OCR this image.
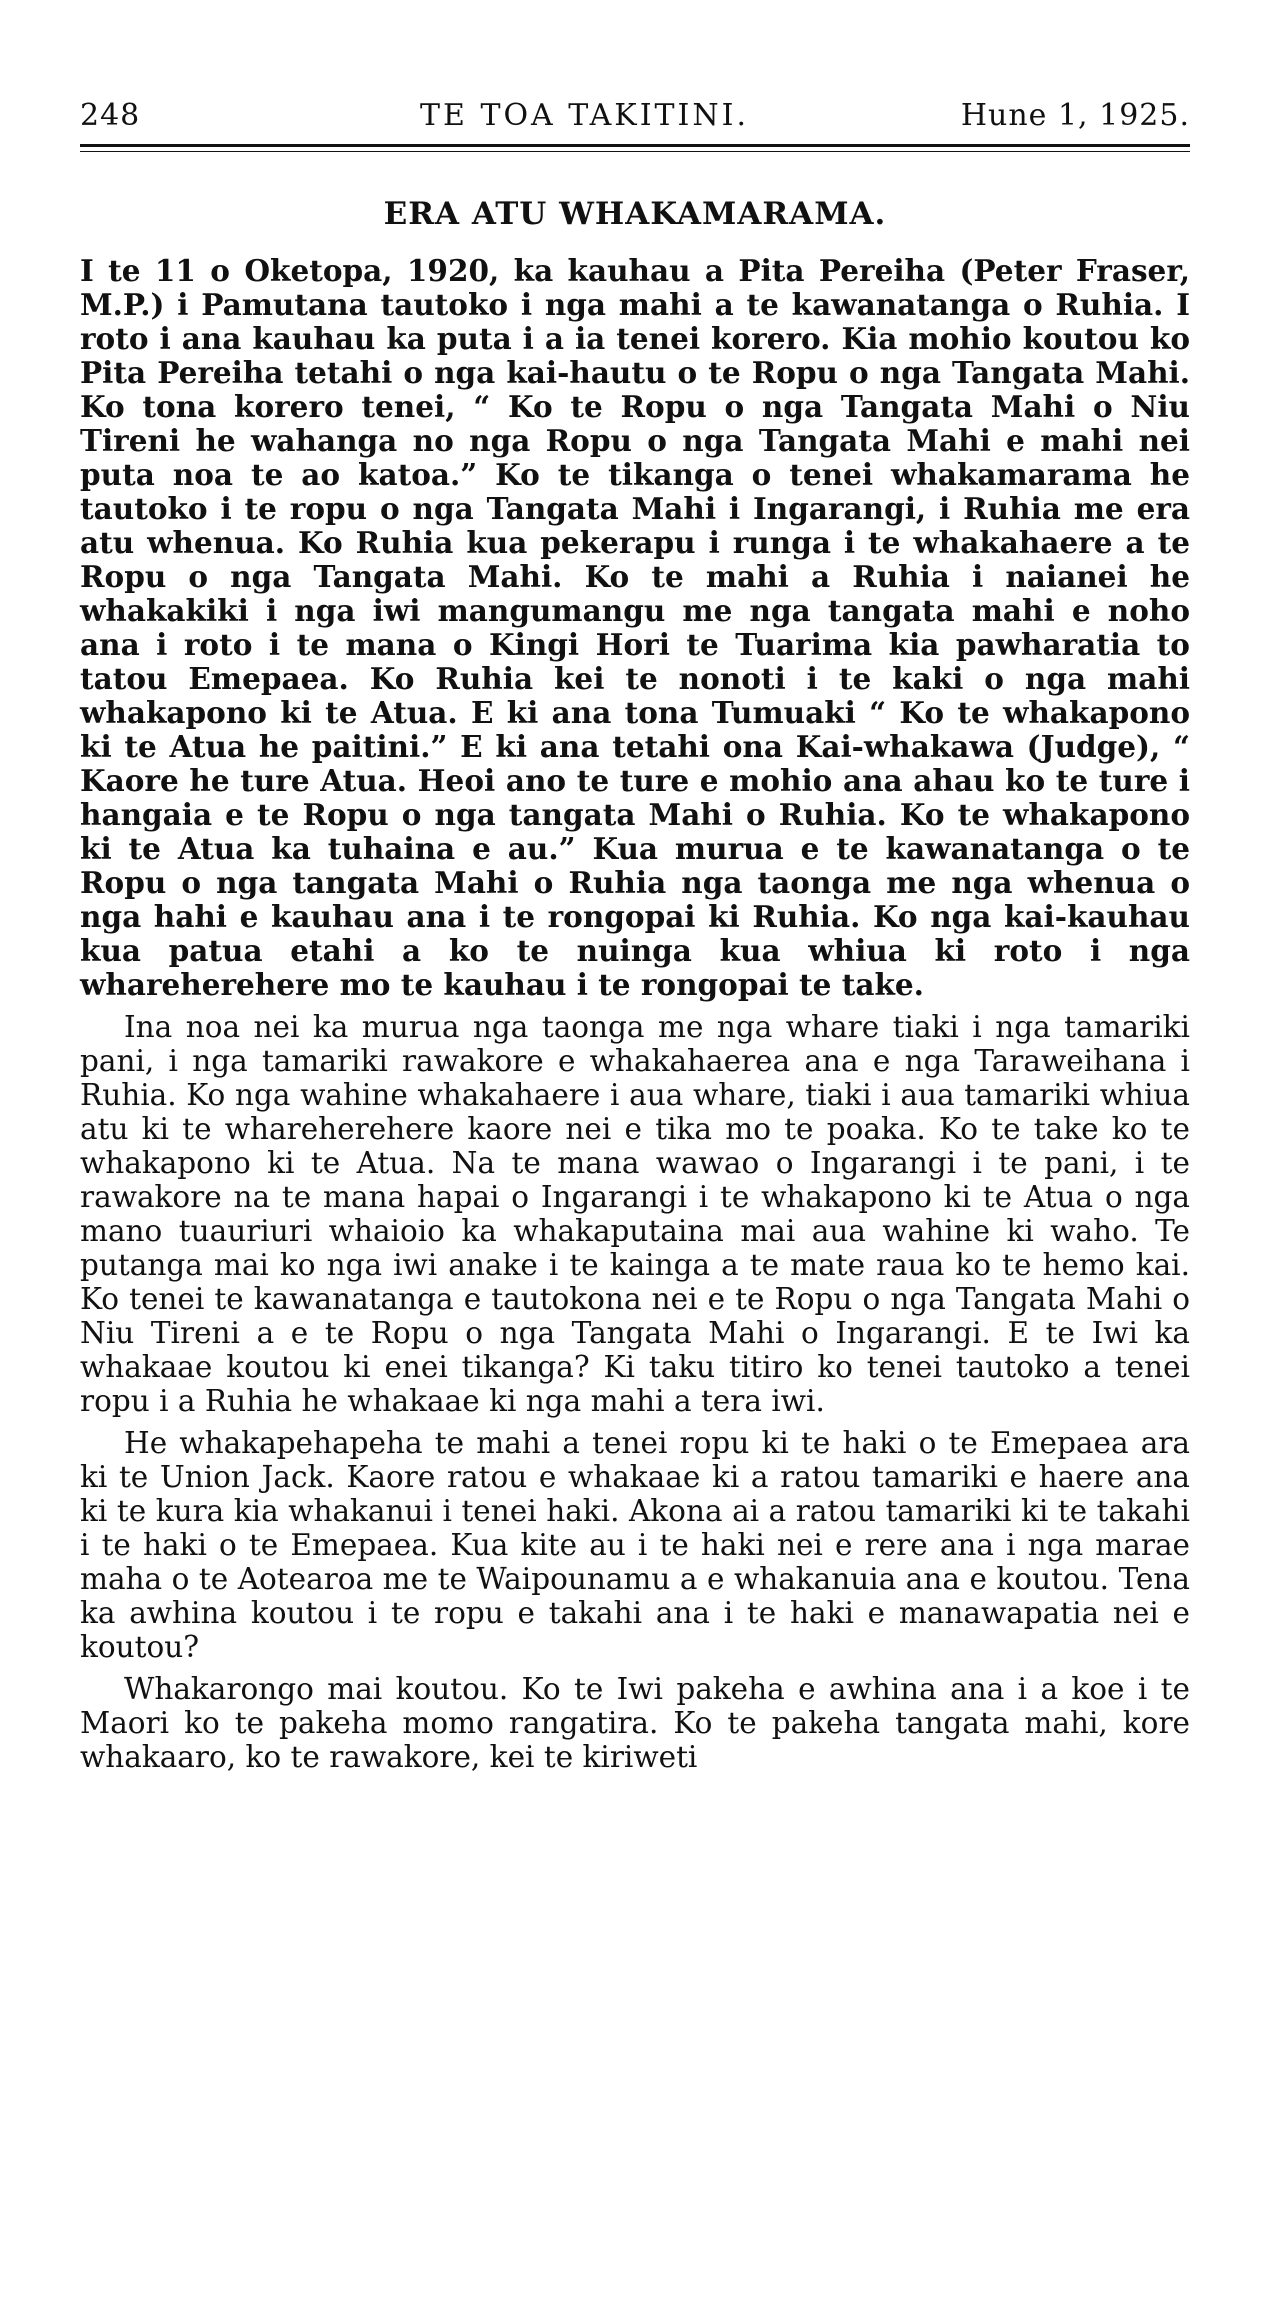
248	TE TOA TAKITINI.	Hune 1, 1925.
ERA ATU WHAKAMARAMA.

I te 11 o Oketopa, 1920, ka kauhau a Pita Pereiha (Peter Fraser, M.P.) i Pamutana tautoko i nga mahi a te kawanatanga o Ruhia. I roto i ana kauhau ka puta i a ia tenei korero. Kia mohio koutou ko Pita Pereiha tetahi o nga kai-hautu o te Ropu o nga Tangata Mahi. Ko tona korero tenei, “ Ko te Ropu o nga Tangata Mahi o Niu Tireni he wahanga no nga Ropu o nga Tangata Mahi e mahi nei puta noa te ao katoa.” Ko te tikanga o tenei whakamarama he tautoko i te ropu o nga Tangata Mahi i Ingarangi, i Ruhia me era atu whenua. Ko Ruhia kua pekerapu i runga i te whakahaere a te Ropu o nga Tangata Mahi. Ko te mahi a Ruhia i naianei he whakakiki i nga iwi mangumangu me nga tangata mahi e noho ana i roto i te mana o Kingi Hori te Tuarima kia pawharatia to tatou Emepaea. Ko Ruhia kei te nonoti i te kaki o nga mahi whakapono ki te Atua. E ki ana tona Tumuaki “ Ko te whakapono ki te Atua he paitini.” E ki ana tetahi ona Kai-whakawa (Judge), “ Kaore he ture Atua. Heoi ano te ture e mohio ana ahau ko te ture i hangaia e te Ropu o nga tangata Mahi o Ruhia. Ko te whakapono ki te Atua ka tuhaina e au.” Kua murua e te kawanatanga o te Ropu o nga tangata Mahi o Ruhia nga taonga me nga whenua o nga hahi e kauhau ana i te rongopai ki Ruhia. Ko nga kai-kauhau kua patua etahi a ko te nuinga kua whiua ki roto i nga whareherehere mo te kauhau i te rongopai te take.

Ina noa nei ka murua nga taonga me nga whare tiaki i nga tamariki pani, i nga tamariki rawakore e whakahaerea ana e nga Taraweihana i Ruhia. Ko nga wahine whakahaere i aua whare, tiaki i aua tamariki whiua atu ki te whareherehere kaore nei e tika mo te poaka. Ko te take ko te whakapono ki te Atua. Na te mana wawao o Ingarangi i te pani, i te rawakore na te mana hapai o Ingarangi i te whakapono ki te Atua o nga mano tuauriuri whaioio ka whakaputaina mai aua wahine ki waho. Te putanga mai ko nga iwi anake i te kainga a te mate raua ko te hemo kai. Ko tenei te kawanatanga e tautokona nei e te Ropu o nga Tangata Mahi o Niu Tireni a e te Ropu o nga Tangata Mahi o Ingarangi. E te Iwi ka whakaae koutou ki enei tikanga? Ki taku titiro ko tenei tautoko a tenei ropu i a Ruhia he whakaae ki nga mahi a tera iwi.

He whakapehapeha te mahi a tenei ropu ki te haki o te Emepaea ara ki te Union Jack. Kaore ratou e whakaae ki a ratou tamariki e haere ana ki te kura kia whakanui i tenei haki. Akona ai a ratou tamariki ki te takahi i te haki o te Emepaea. Kua kite au i te haki nei e rere ana i nga marae maha o te Aotearoa me te Waipounamu a e whakanuia ana e koutou. Tena ka awhina koutou i te ropu e takahi ana i te haki e manawapatia nei e koutou?

Whakarongo mai koutou. Ko te Iwi pakeha e awhina ana i a koe i te Maori ko te pakeha momo rangatira. Ko te pakeha tangata mahi, kore whakaaro, ko te rawakore, kei te kiriweti
